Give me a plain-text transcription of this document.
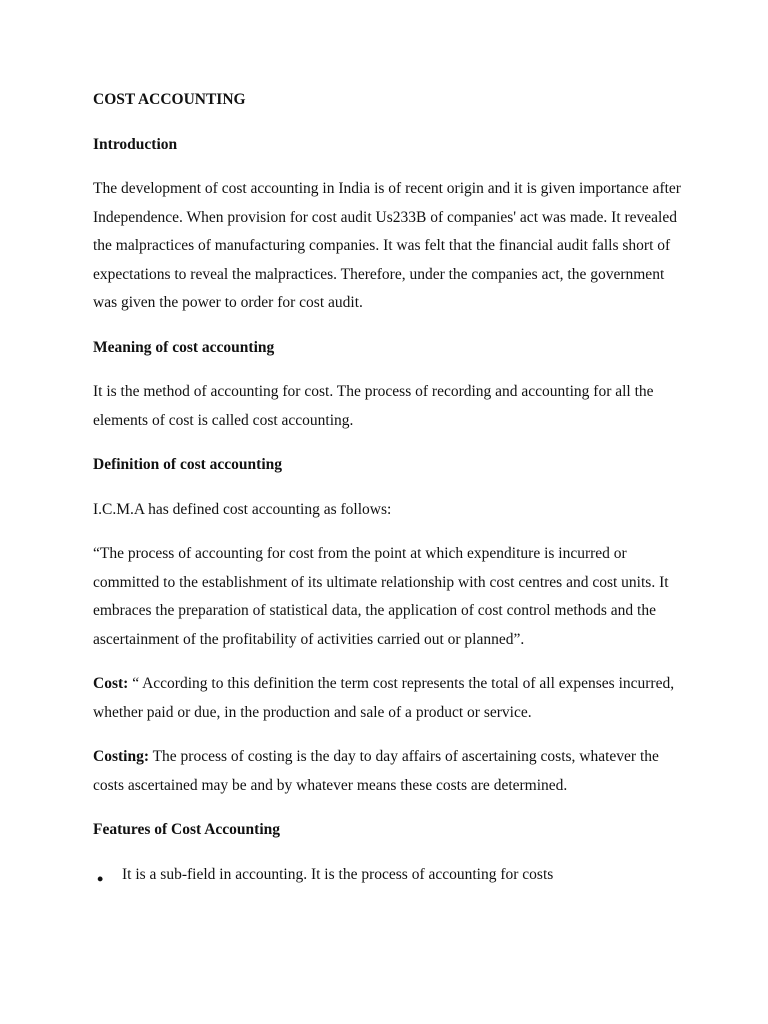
COST ACCOUNTING
Introduction
The development of cost accounting in India is of recent origin and it is given importance after Independence. When provision for cost audit Us233B of companies' act was made. It revealed the malpractices of manufacturing companies. It was felt that the financial audit falls short of expectations to reveal the malpractices. Therefore, under the companies act, the government was given the power to order for cost audit.
Meaning of cost accounting
It is the method of accounting for cost. The process of recording and accounting for all the elements of cost is called cost accounting.
Definition of cost accounting
I.C.M.A has defined cost accounting as follows:
“The process of accounting for cost from the point at which expenditure is incurred or committed to the establishment of its ultimate relationship with cost centres and cost units. It embraces the preparation of statistical data, the application of cost control methods and the ascertainment of the profitability of activities carried out or planned”.
Cost: “ According to this definition the term cost represents the total of all expenses incurred, whether paid or due, in the production and sale of a product or service.
Costing: The process of costing is the day to day affairs of ascertaining costs, whatever the costs ascertained may be and by whatever means these costs are determined.
Features of Cost Accounting
• It is a sub-field in accounting. It is the process of accounting for costs
